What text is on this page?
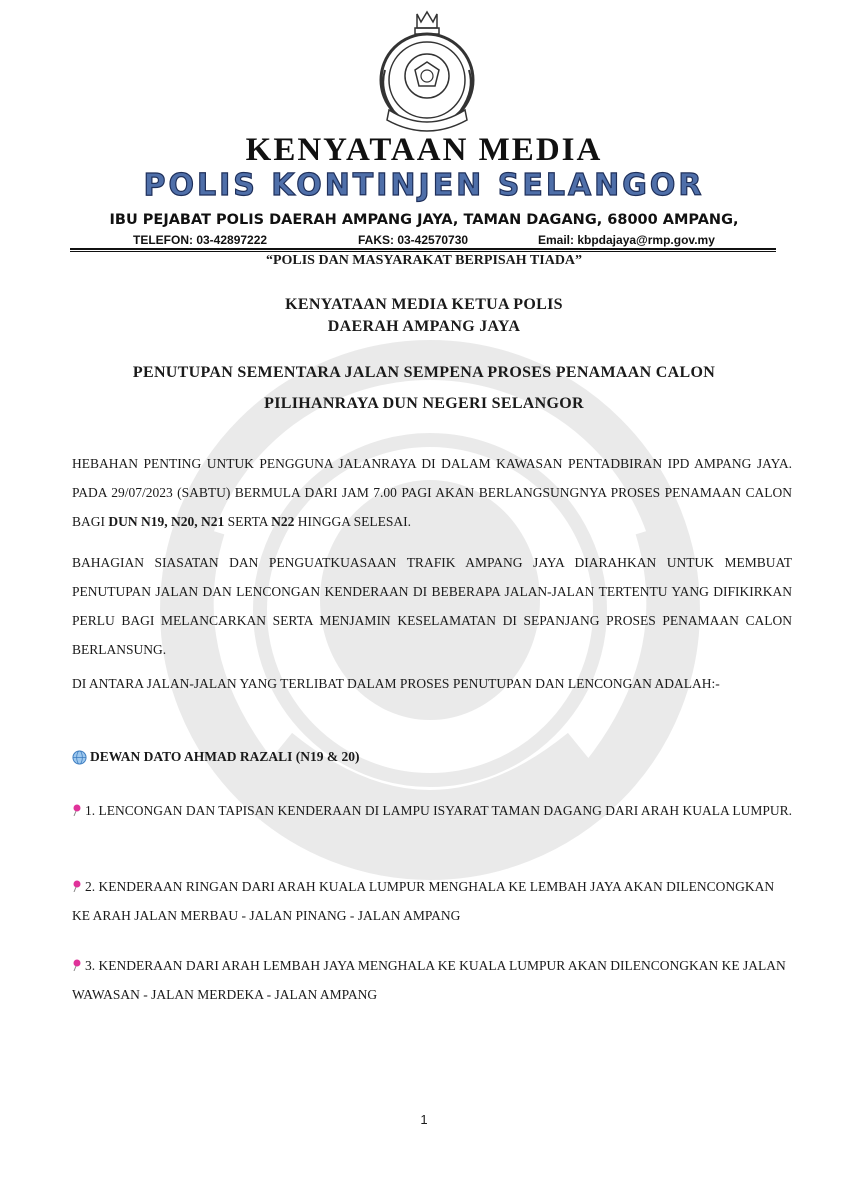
KENYATAAN MEDIA
POLIS KONTINJEN SELANGOR
IBU PEJABAT POLIS DAERAH AMPANG JAYA, TAMAN DAGANG, 68000 AMPANG,
TELEFON: 03-42897222	FAKS: 03-42570730	Email: kbpdajaya@rmp.gov.my
“POLIS DAN MASYARAKAT BERPISAH TIADA”
KENYATAAN MEDIA KETUA POLIS
DAERAH AMPANG JAYA
PENUTUPAN SEMENTARA JALAN SEMPENA PROSES PENAMAAN CALON
PILIHANRAYA DUN NEGERI SELANGOR
HEBAHAN PENTING UNTUK PENGGUNA JALANRAYA DI DALAM KAWASAN PENTADBIRAN IPD AMPANG JAYA. PADA 29/07/2023 (SABTU) BERMULA DARI JAM 7.00 PAGI AKAN BERLANGSUNGNYA PROSES PENAMAAN CALON BAGI DUN N19, N20, N21 SERTA N22 HINGGA SELESAI.
BAHAGIAN SIASATAN DAN PENGUATKUASAAN TRAFIK AMPANG JAYA DIARAHKAN UNTUK MEMBUAT PENUTUPAN JALAN DAN LENCONGAN KENDERAAN DI BEBERAPA JALAN-JALAN TERTENTU YANG DIFIKIRKAN PERLU BAGI MELANCARKAN SERTA MENJAMIN KESELAMATAN DI SEPANJANG PROSES PENAMAAN CALON BERLANSUNG.
DI ANTARA JALAN-JALAN YANG TERLIBAT DALAM PROSES PENUTUPAN DAN LENCONGAN ADALAH:-
DEWAN DATO AHMAD RAZALI (N19 & 20)
1. LENCONGAN DAN TAPISAN KENDERAAN DI LAMPU ISYARAT TAMAN DAGANG DARI ARAH KUALA LUMPUR.
2. KENDERAAN RINGAN DARI ARAH KUALA LUMPUR MENGHALA KE LEMBAH JAYA AKAN DILENCONGKAN KE ARAH JALAN MERBAU - JALAN PINANG - JALAN AMPANG
3. KENDERAAN DARI ARAH LEMBAH JAYA MENGHALA KE KUALA LUMPUR AKAN DILENCONGKAN KE JALAN WAWASAN - JALAN MERDEKA - JALAN AMPANG
1
